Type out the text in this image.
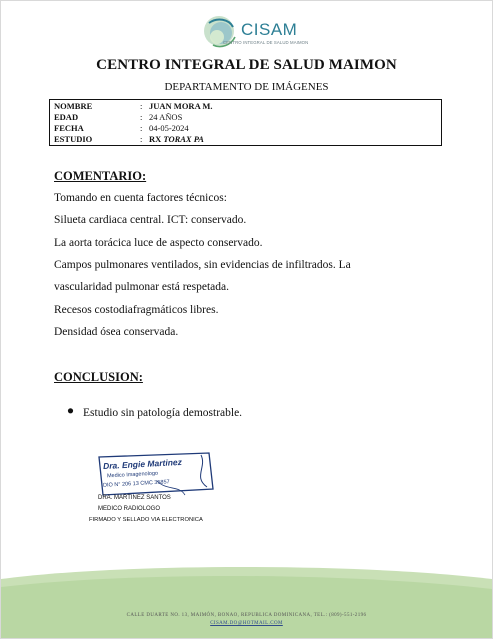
CISAM
CENTRO INTEGRAL DE SALUD MAIMON
CENTRO INTEGRAL DE SALUD MAIMON
DEPARTAMENTO DE IMÁGENES
NOMBRE	: JUAN MORA M.
EDAD	: 24 AÑOS
FECHA	: 04-05-2024
ESTUDIO	: RX TORAX PA
COMENTARIO:
Tomando en cuenta factores técnicos:
Silueta cardiaca central. ICT: conservado.
La aorta torácica luce de aspecto conservado.
Campos pulmonares ventilados, sin evidencias de infiltrados. La
vascularidad pulmonar está respetada.
Recesos costodiafragmáticos libres.
Densidad ósea conservada.
CONCLUSION:
Estudio sin patología demostrable.
Dra. Engie Martinez
Medico Imagenologo
DIO N° 206 13 CMC 35857
DRA. MARTINEZ SANTOS
MEDICO RADIOLOGO
FIRMADO Y SELLADO VIA ELECTRONICA
CALLE DUARTE NO. 13, MAIMÓN, BONAO, REPUBLICA DOMINICANA, TEL.: (809)-551-2196
CISAM.DO@HOTMAIL.COM
